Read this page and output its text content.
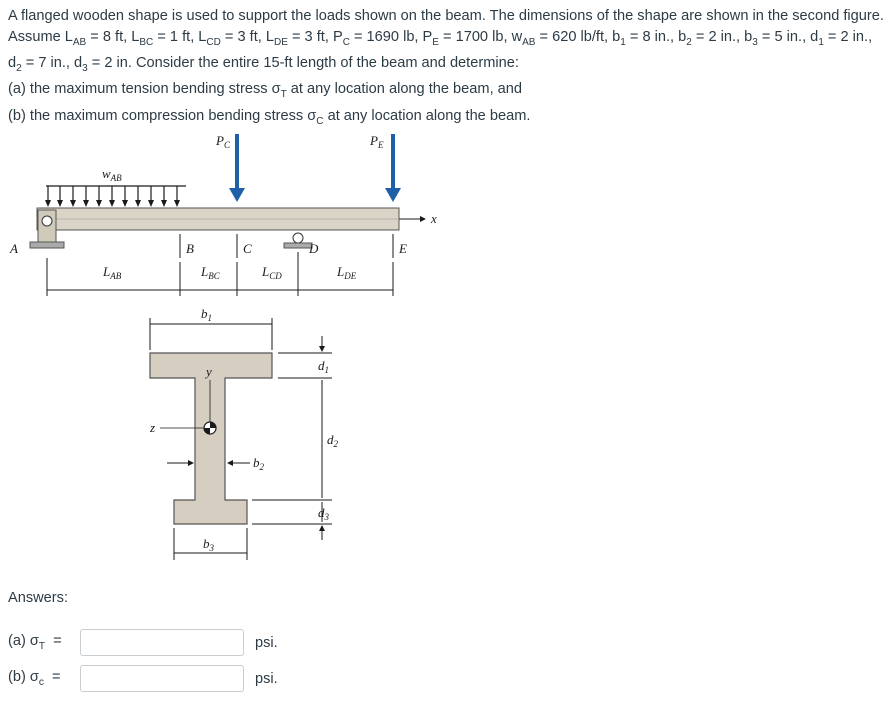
A flanged wooden shape is used to support the loads shown on the beam. The dimensions of the shape are shown in the second figure.

Assume $L_{AB} = 8$ ft, $L_{BC} = 1$ ft, $L_{CD} = 3$ ft, $L_{DE} = 3$ ft, $P_C = 1690$ lb, $P_E = 1700$ lb, $w_{AB} = 620$ lb/ft, $b_1 = 8$ in., $b_2 = 2$ in., $b_3 = 5$ in., $d_1 = 2$ in., $d_2 = 7$ in., $d_3 = 2$ in. Consider the entire 15-ft length of the beam and determine:

(a) the maximum tension bending stress $\sigma_T$ at any location along the beam, and

(b) the maximum compression bending stress $\sigma_C$ at any location along the beam.

$w_{AB}$
$P_C$	$P_E$
x
A	B	C	D	E
$L_{AB}$	$L_{BC}$	$L_{CD}$	$L_{DE}$
y
z
$b_1$
$b_2$
$b_3$
$d_1$
$d_2$
$d_3$
Answers:
(a) $\sigma_T$  =	psi.
(b) $\sigma_c$  =	psi.
